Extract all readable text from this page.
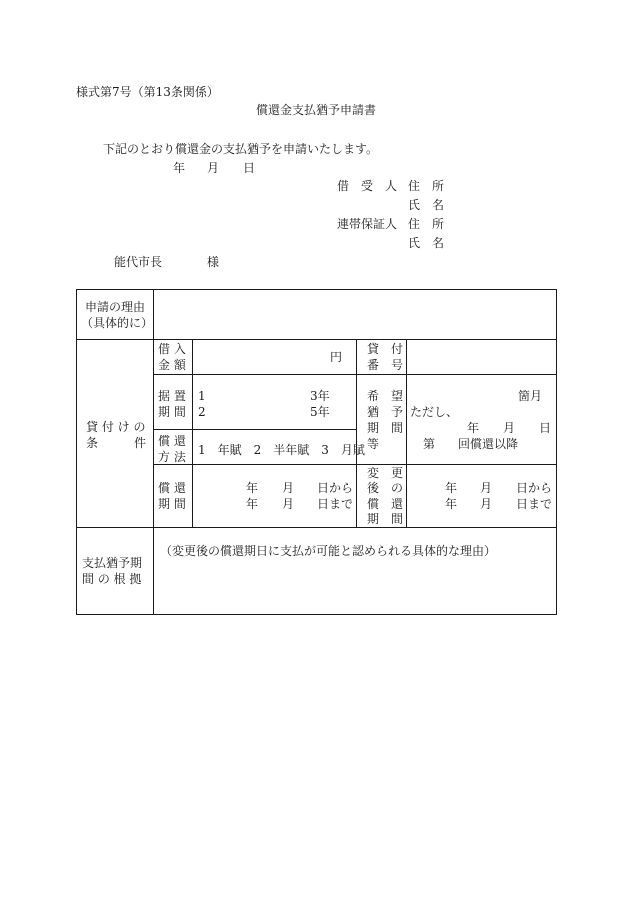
様式第7号（第13条関係）
償還金支払猶予申請書
下記のとおり償還金の支払猶予を申請いたします。
年 月 日
借　受　人 住　所
氏　名
連帯保証人 住　所
氏　名
能代市長	様
申請の理由
（具体的に）
貸 付 け の
条　　　件
借 入
金 額
円
貸　付
番　号
据 置
期 間
1
2
3年
5年
希　望
猶　予
期　間
等
箇月
ただし、
年 月 日
第 回償還以降
償 還
方 法 1　年賦　2　半年賦　3　月賦
償 還
期 間
年 月 日から
年 月 日まで
変　更
後　の
償　還
期　間
年 月 日から
年 月 日まで
支払猶予期
間 の 根 拠
（変更後の償還期日に支払が可能と認められる具体的な理由）
